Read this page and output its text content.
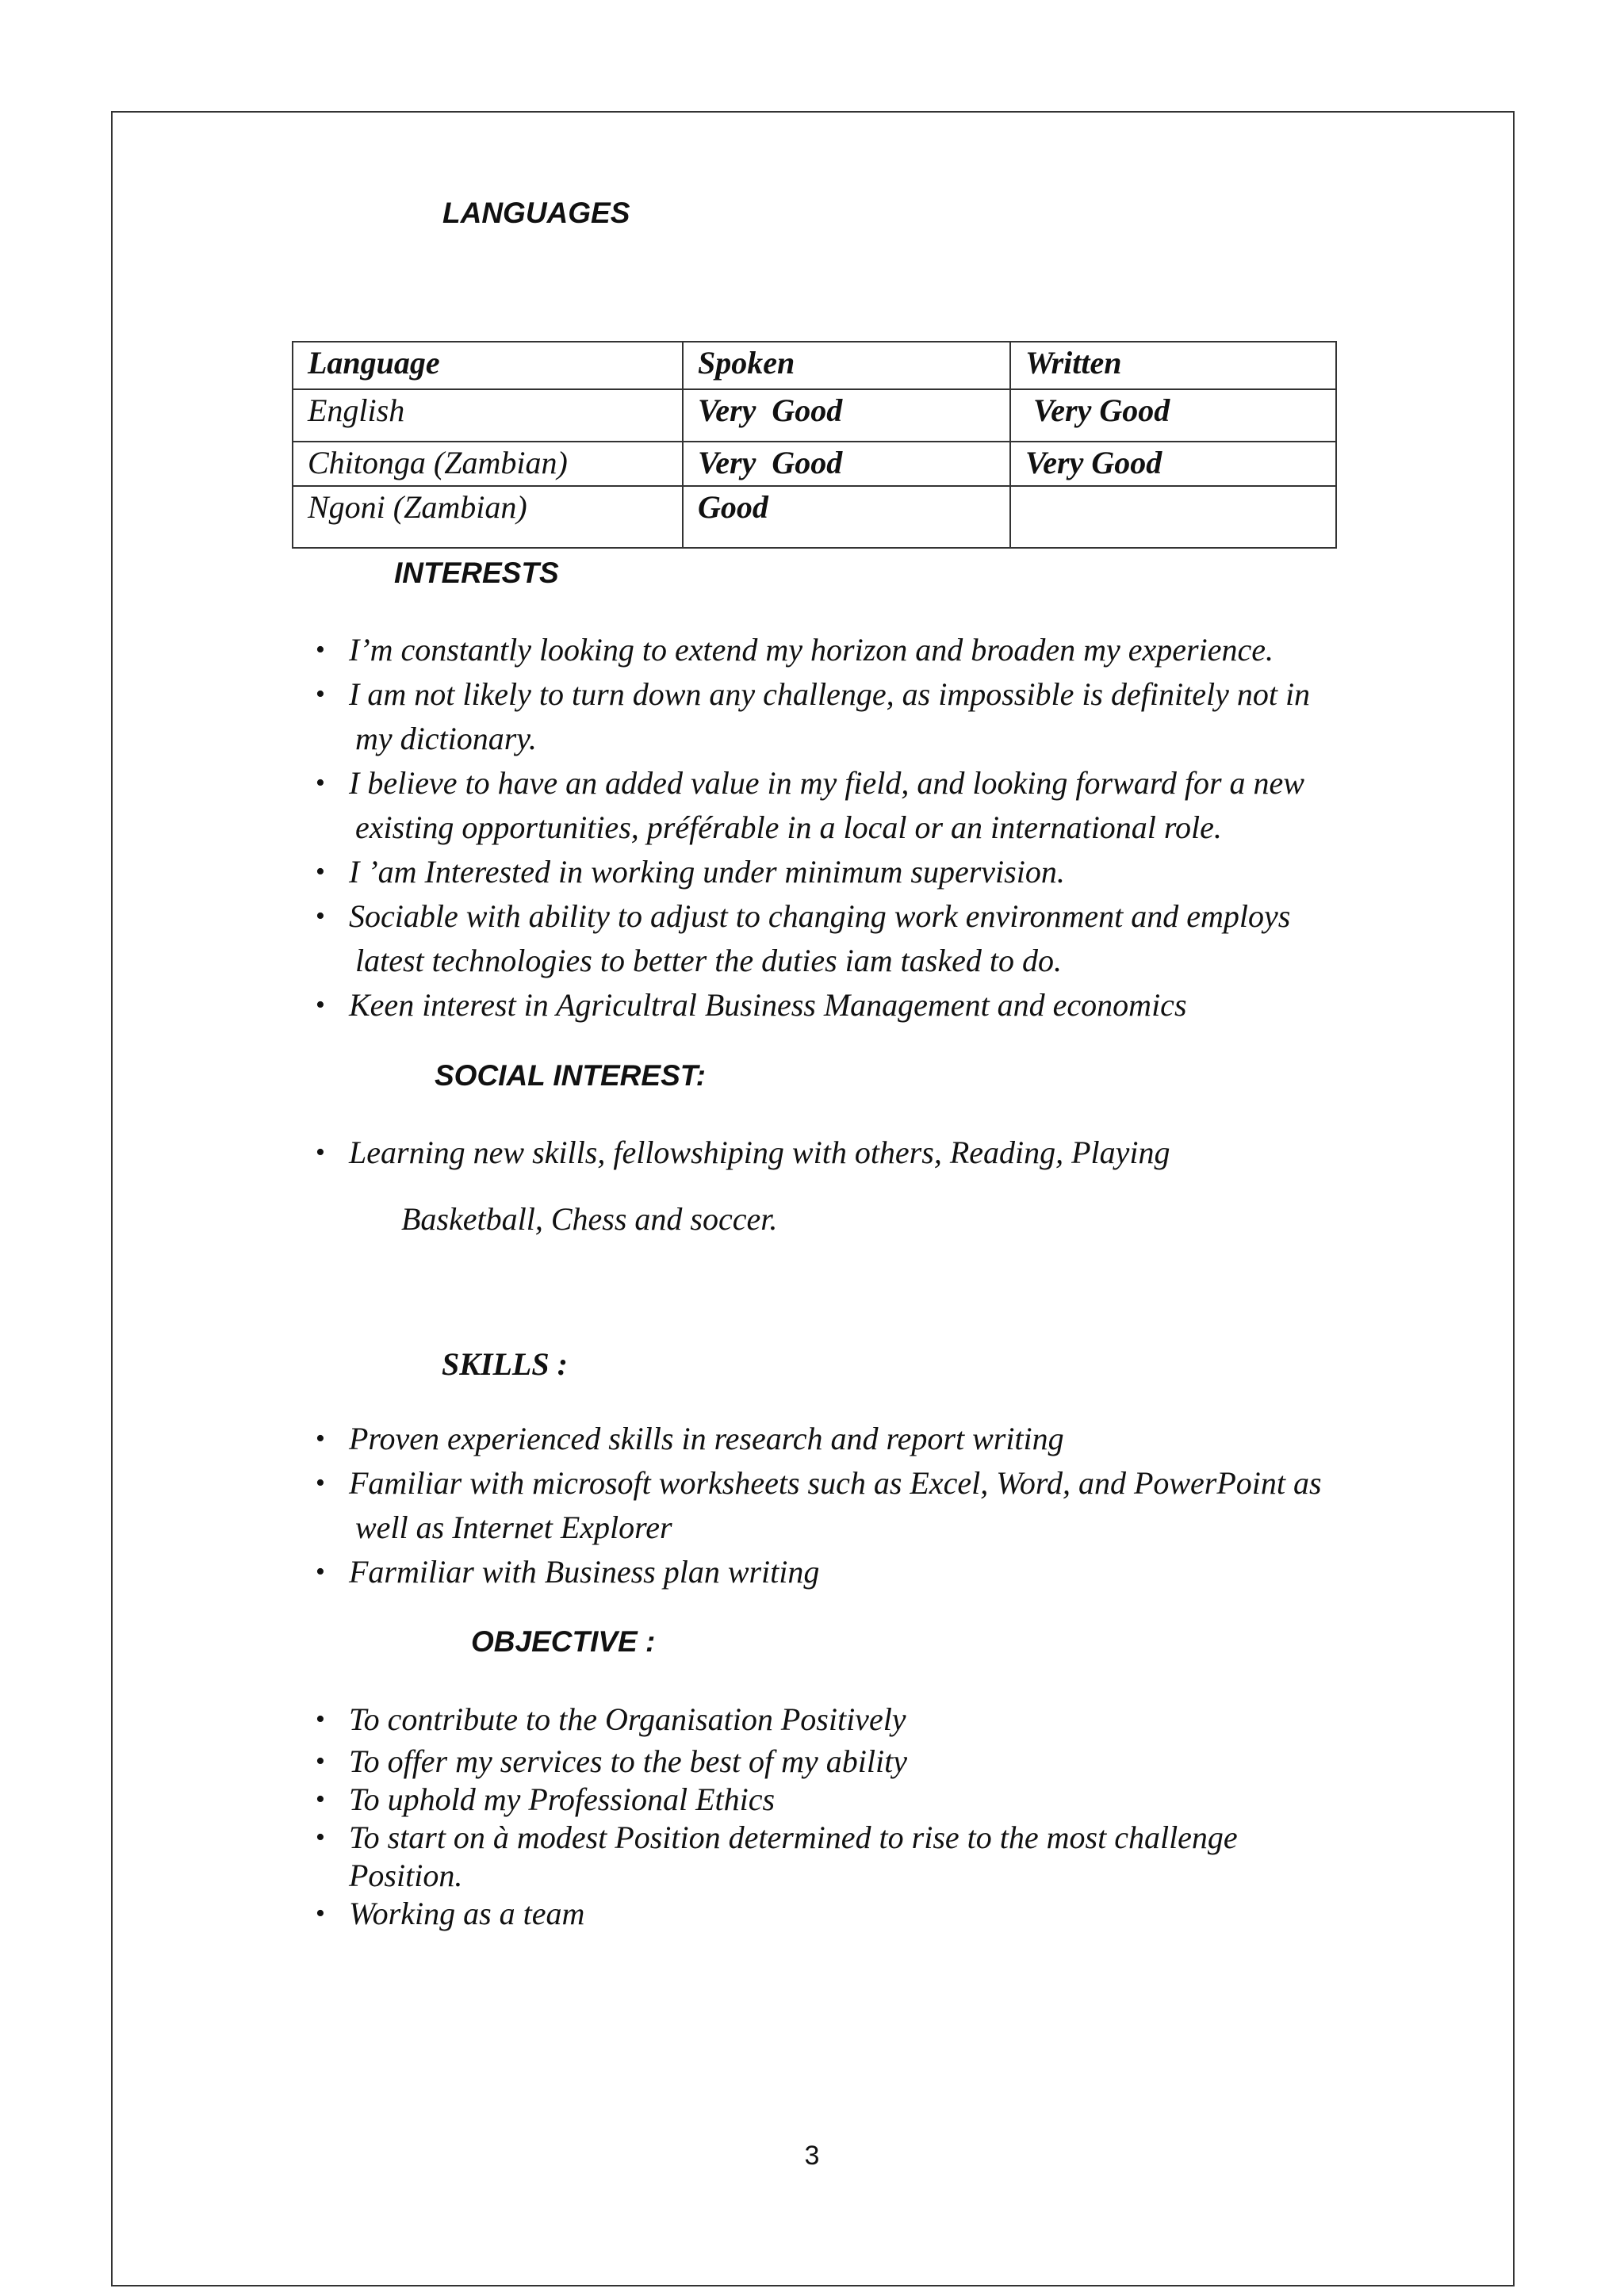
LANGUAGES
Language	Spoken	Written
English	Very  Good	Very Good
Chitonga (Zambian)	Very  Good	Very Good
Ngoni (Zambian)	Good	
INTERESTS
• I’m constantly looking to extend my horizon and broaden my experience.
• I am not likely to turn down any challenge, as impossible is definitely not in
my dictionary.
• I believe to have an added value in my field, and looking forward for a new
existing opportunities, préférable in a local or an international role.
• I ’am Interested in working under minimum supervision.
• Sociable with ability to adjust to changing work environment and employs
latest technologies to better the duties iam tasked to do.
• Keen interest in Agricultral Business Management and economics
SOCIAL INTEREST:
• Learning new skills, fellowshiping with others, Reading, Playing

Basketball, Chess and soccer.

SKILLS :
• Proven experienced skills in research and report writing
• Familiar with microsoft worksheets such as Excel, Word, and PowerPoint as
well as Internet Explorer
• Farmiliar with Business plan writing
OBJECTIVE :
• To contribute to the Organisation Positively
• To offer my services to the best of my ability
• To uphold my Professional Ethics
• To start on à modest Position determined to rise to the most challenge Position.
• Working as a team
3
